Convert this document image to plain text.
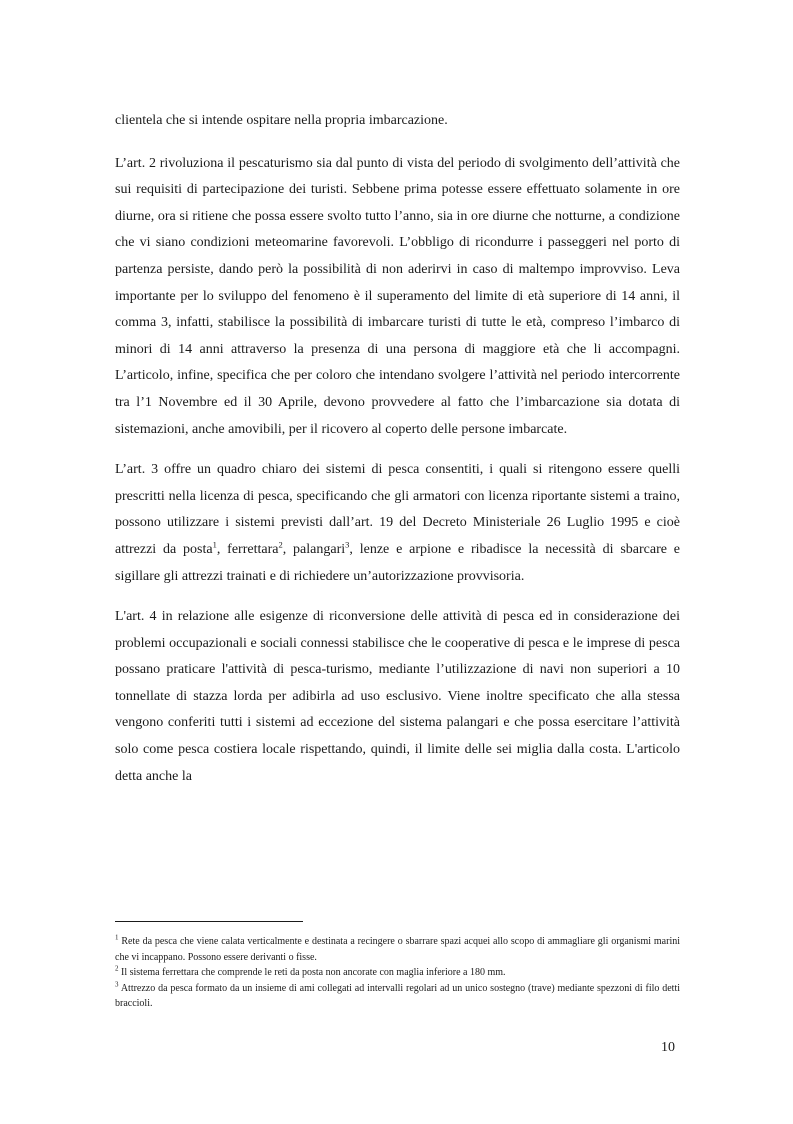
clientela che si intende ospitare nella propria imbarcazione.

L’art. 2 rivoluziona il pescaturismo sia dal punto di vista del periodo di svolgimento dell’attività che sui requisiti di partecipazione dei turisti. Sebbene prima potesse essere effettuato solamente in ore diurne, ora si ritiene che possa essere svolto tutto l’anno, sia in ore diurne che notturne, a condizione che vi siano condizioni meteomarine favorevoli. L’obbligo di ricondurre i passeggeri nel porto di partenza persiste, dando però la possibilità di non aderirvi in caso di maltempo improvviso. Leva importante per lo sviluppo del fenomeno è il superamento del limite di età superiore di 14 anni, il comma 3, infatti, stabilisce la possibilità di imbarcare turisti di tutte le età, compreso l’imbarco di minori di 14 anni attraverso la presenza di una persona di maggiore età che li accompagni. L’articolo, infine, specifica che per coloro che intendano svolgere l’attività nel periodo intercorrente tra l’1 Novembre ed il 30 Aprile, devono provvedere al fatto che l’imbarcazione sia dotata di sistemazioni, anche amovibili, per il ricovero al coperto delle persone imbarcate.

L’art. 3 offre un quadro chiaro dei sistemi di pesca consentiti, i quali si ritengono essere quelli prescritti nella licenza di pesca, specificando che gli armatori con licenza riportante sistemi a traino, possono utilizzare i sistemi previsti dall’art. 19 del Decreto Ministeriale 26 Luglio 1995 e cioè attrezzi da posta$^1$, ferrettara$^2$, palangari$^3$, lenze e arpione e ribadisce la necessità di sbarcare e sigillare gli attrezzi trainati e di richiedere un’autorizzazione provvisoria.

L'art. 4 in relazione alle esigenze di riconversione delle attività di pesca ed in considerazione dei problemi occupazionali e sociali connessi stabilisce che le cooperative di pesca e le imprese di pesca possano praticare l'attività di pesca-turismo, mediante l’utilizzazione di navi non superiori a 10 tonnellate di stazza lorda per adibirla ad uso esclusivo. Viene inoltre specificato che alla stessa vengono conferiti tutti i sistemi ad eccezione del sistema palangari e che possa esercitare l’attività solo come pesca costiera locale rispettando, quindi, il limite delle sei miglia dalla costa. L'articolo detta anche la

$^1$ Rete da pesca che viene calata verticalmente e destinata a recingere o sbarrare spazi acquei allo scopo di ammagliare gli organismi marini che vi incappano. Possono essere derivanti o fisse.

$^2$ Il sistema ferrettara che comprende le reti da posta non ancorate con maglia inferiore a 180 mm.

$^3$ Attrezzo da pesca formato da un insieme di ami collegati ad intervalli regolari ad un unico sostegno (trave) mediante spezzoni di filo detti braccioli.

10
